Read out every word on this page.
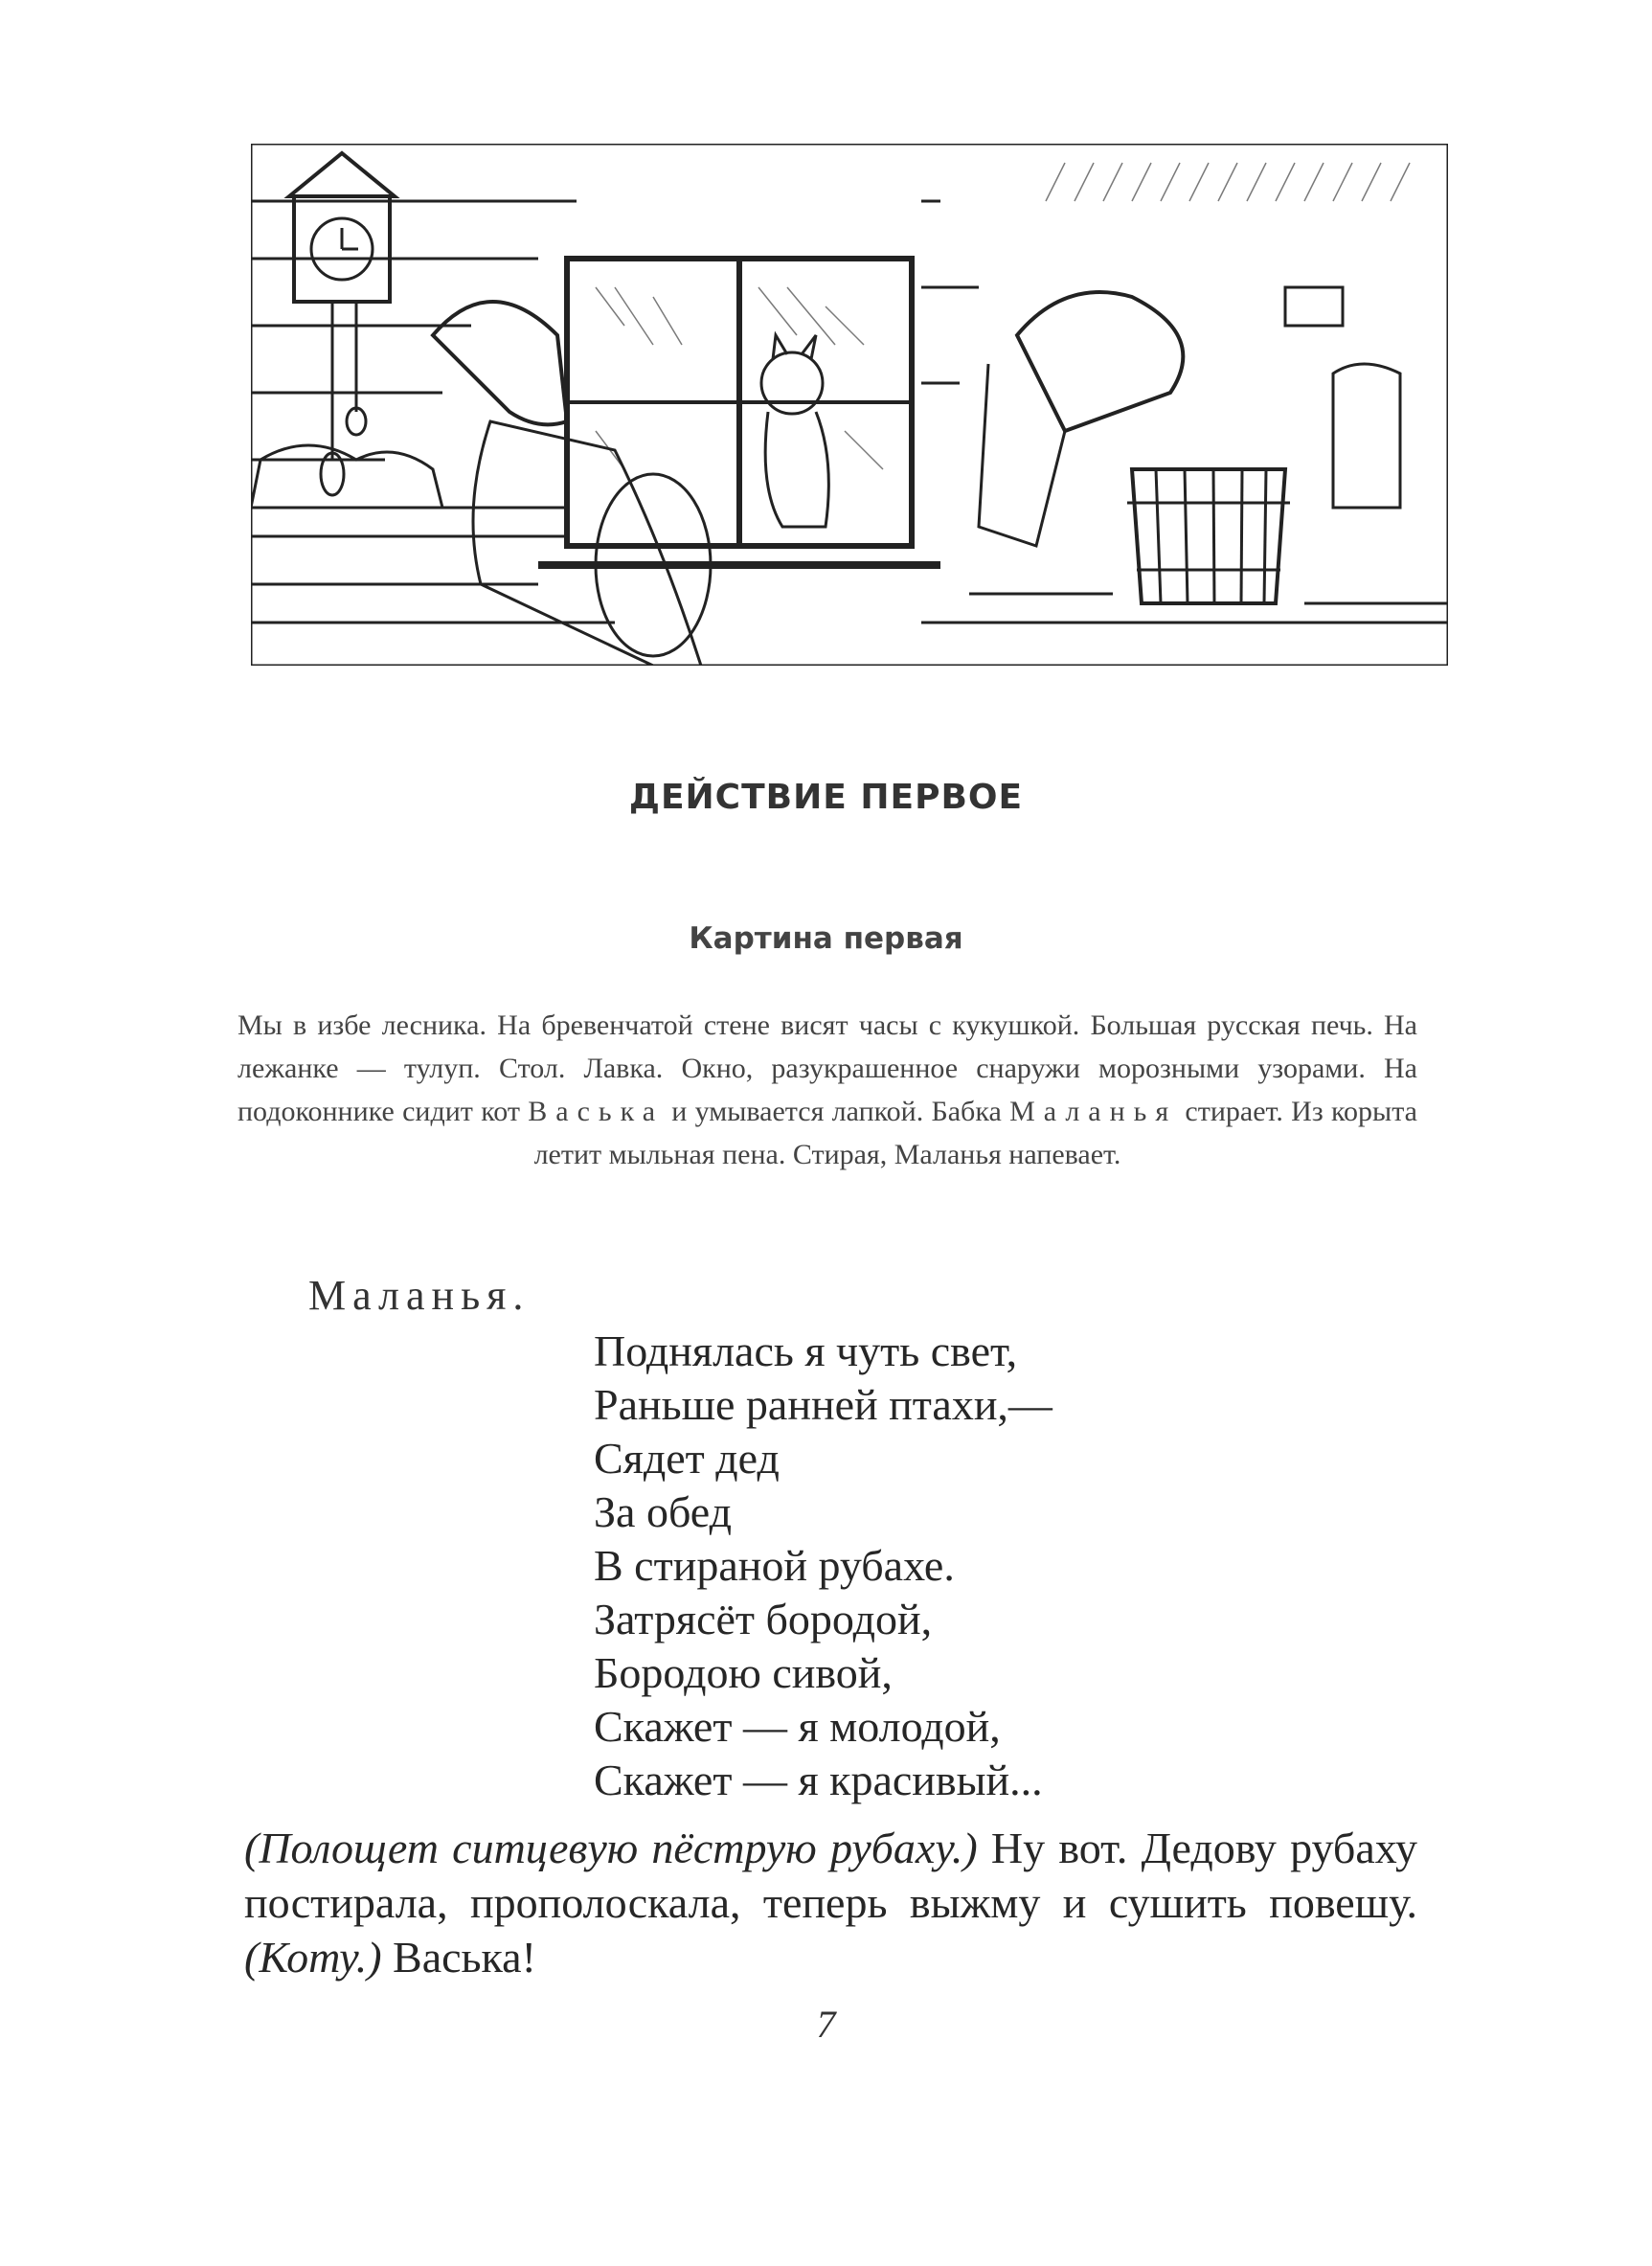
ДЕЙСТВИЕ ПЕРВОЕ
Картина первая
Мы в избе лесника. На бревенчатой стене висят часы с кукушкой. Большая русская печь. На лежанке — тулуп. Стол. Лавка. Окно, разукрашенное снаружи морозными узорами. На подоконнике сидит кот Васька и умывается лапкой. Бабка Маланья стирает. Из корыта летит мыльная пена. Стирая, Маланья напевает.
Маланья.
Поднялась я чуть свет,
Раньше ранней птахи,—
Сядет дед
За обед
В стираной рубахе.
Затрясёт бородой,
Бородою сивой,
Скажет — я молодой,
Скажет — я красивый...
(Полощет ситцевую пёструю рубаху.) Ну вот. Дедову рубаху постирала, прополоскала, теперь выжму и сушить повешу. (Коту.) Васька!
7
